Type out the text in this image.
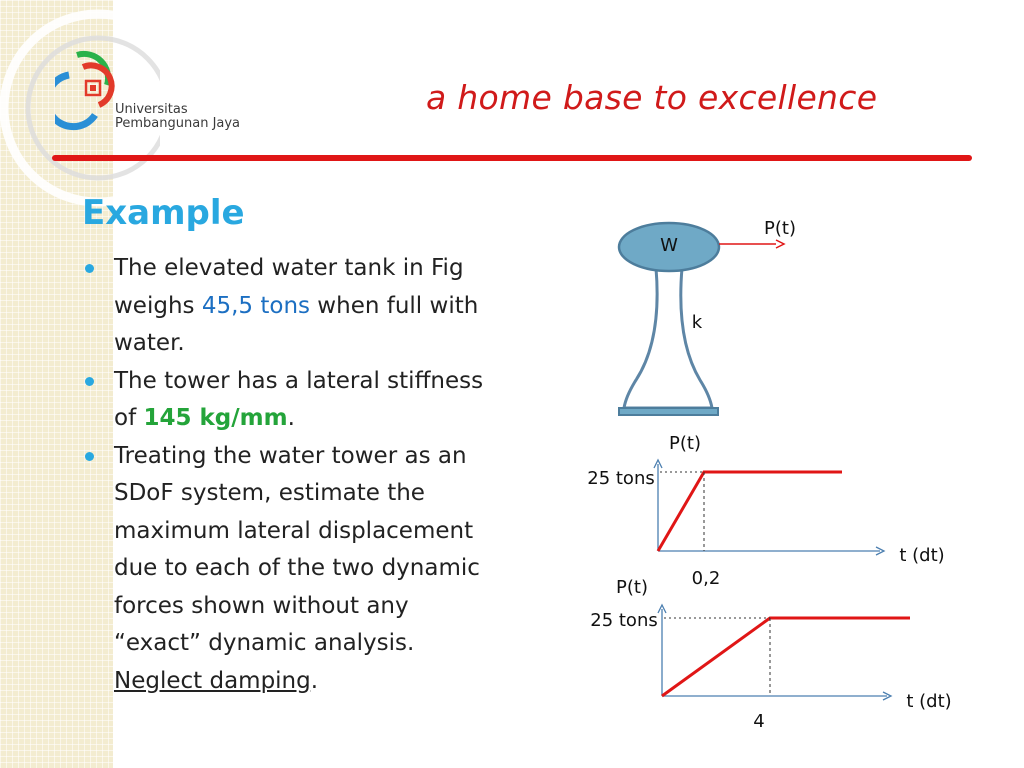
Universitas
Pembangunan Jaya
a home base to excellence
Example
The elevated water tank in Fig
weighs 45,5 tons when full with
water.
The tower has a lateral stiffness
of 145 kg/mm.
Treating the water tower as an
SDoF system, estimate the
maximum lateral displacement
due to each of the two dynamic
forces shown without any
“exact” dynamic analysis.
Neglect damping.
W
P(t)
k
P(t)
25 tons
t (dt)
0,2
P(t)
25 tons
t (dt)
4
